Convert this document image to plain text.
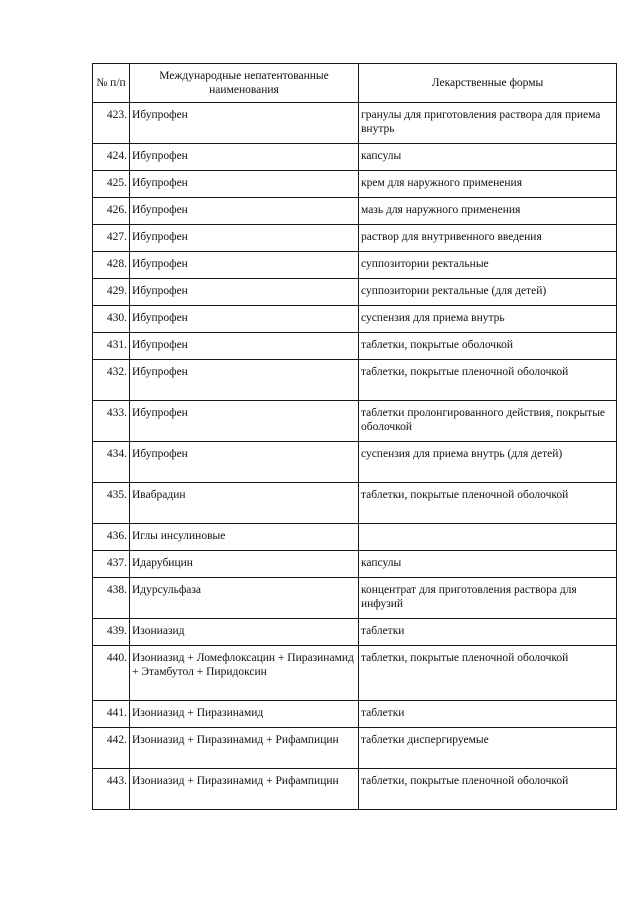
№ п/п	Международные непатентованные наименования	Лекарственные формы
423.	Ибупрофен	гранулы для приготовления раствора для приема внутрь
424.	Ибупрофен	капсулы
425.	Ибупрофен	крем для наружного применения
426.	Ибупрофен	мазь для наружного применения
427.	Ибупрофен	раствор для внутривенного введения
428.	Ибупрофен	суппозитории ректальные
429.	Ибупрофен	суппозитории ректальные (для детей)
430.	Ибупрофен	суспензия для приема внутрь
431.	Ибупрофен	таблетки, покрытые оболочкой
432.	Ибупрофен	таблетки, покрытые пленочной оболочкой
433.	Ибупрофен	таблетки пролонгированного действия, покрытые оболочкой
434.	Ибупрофен	суспензия для приема внутрь (для детей)
435.	Ивабрадин	таблетки, покрытые пленочной оболочкой
436.	Иглы инсулиновые	
437.	Идарубицин	капсулы
438.	Идурсульфаза	концентрат для приготовления раствора для инфузий
439.	Изониазид	таблетки
440.	Изониазид + Ломефлоксацин + Пиразинамид + Этамбутол + Пиридоксин	таблетки, покрытые пленочной оболочкой
441.	Изониазид + Пиразинамид	таблетки
442.	Изониазид + Пиразинамид + Рифампицин	таблетки диспергируемые
443.	Изониазид + Пиразинамид + Рифампицин	таблетки, покрытые пленочной оболочкой
